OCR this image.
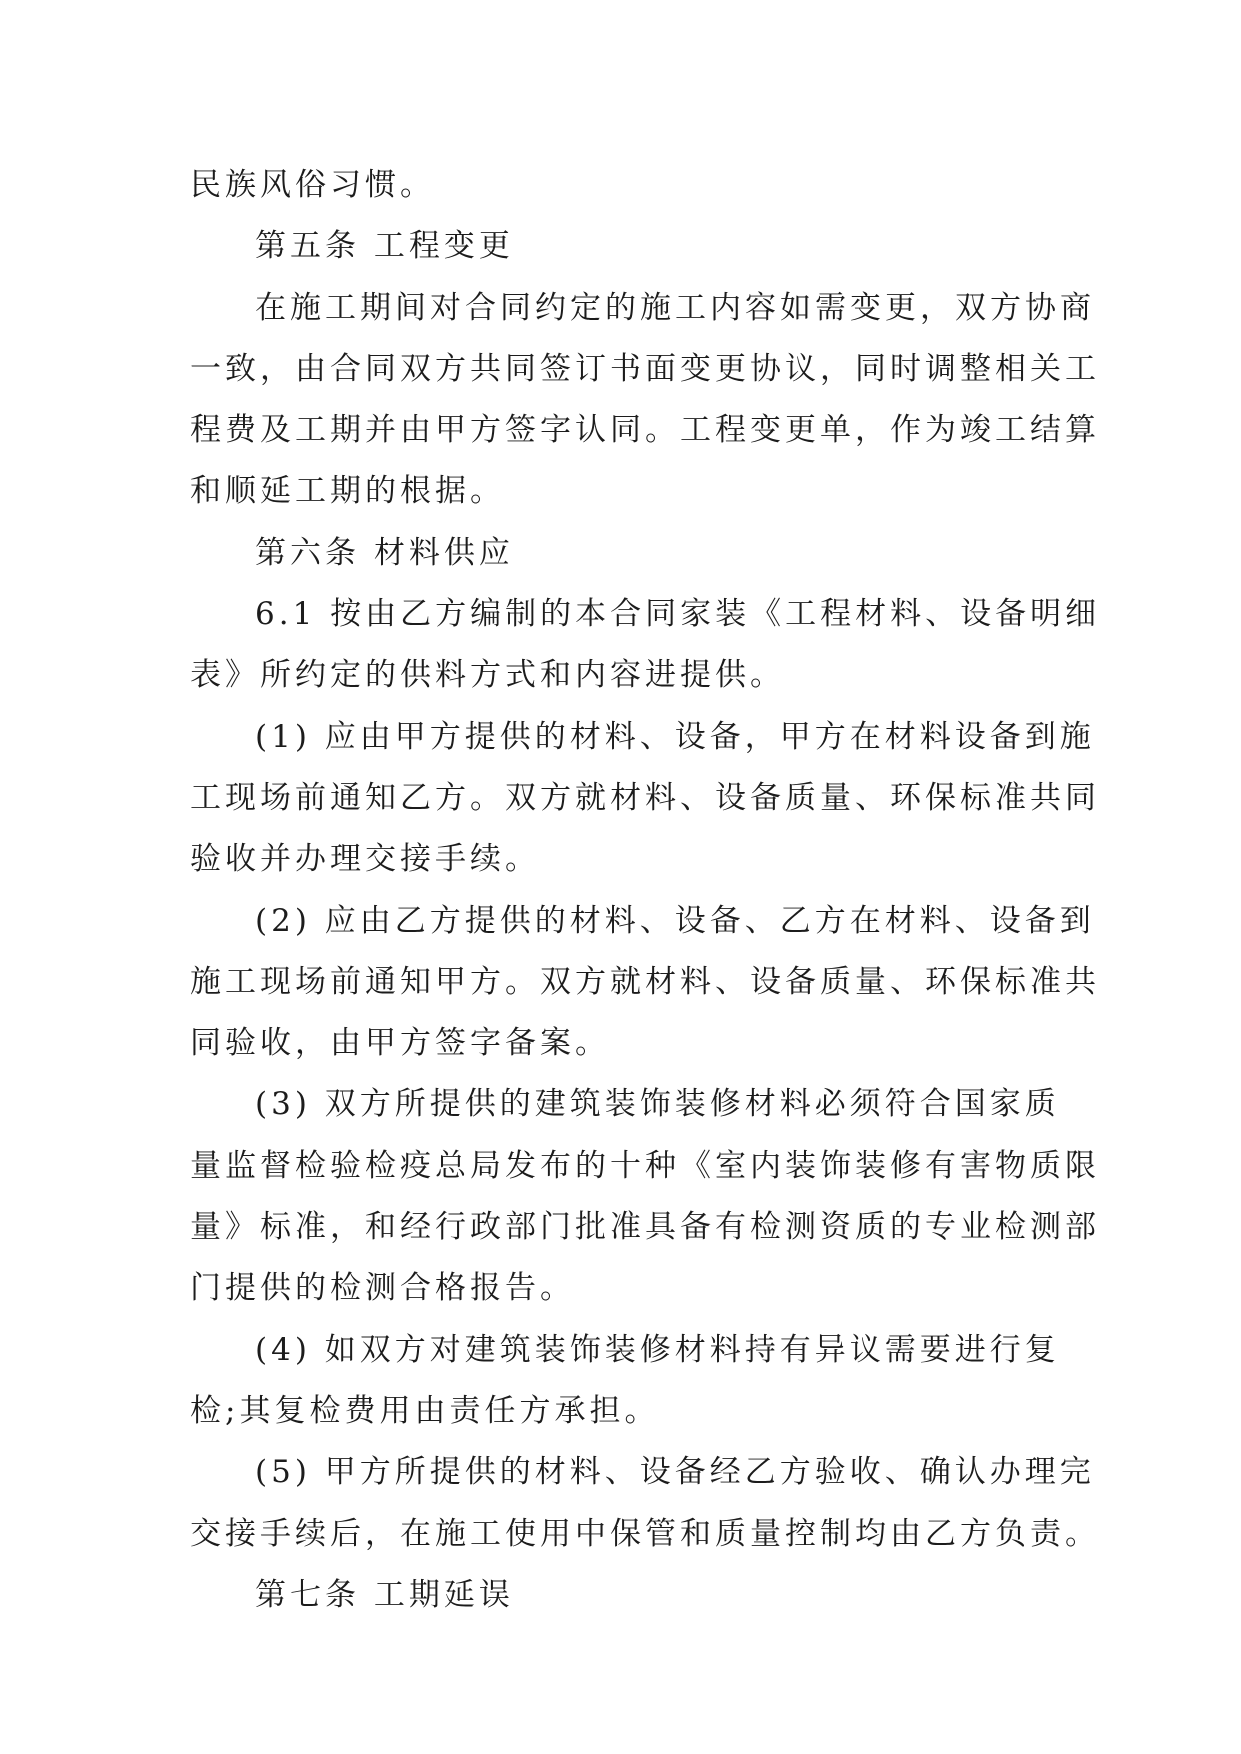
民族风俗习惯。
第五条 工程变更
在施工期间对合同约定的施工内容如需变更，双方协商
一致，由合同双方共同签订书面变更协议，同时调整相关工
程费及工期并由甲方签字认同。工程变更单，作为竣工结算
和顺延工期的根据。
第六条 材料供应
6.1 按由乙方编制的本合同家装《工程材料、设备明细
表》所约定的供料方式和内容进提供。
(1) 应由甲方提供的材料、设备，甲方在材料设备到施
工现场前通知乙方。双方就材料、设备质量、环保标准共同
验收并办理交接手续。
(2) 应由乙方提供的材料、设备、乙方在材料、设备到
施工现场前通知甲方。双方就材料、设备质量、环保标准共
同验收，由甲方签字备案。
(3) 双方所提供的建筑装饰装修材料必须符合国家质
量监督检验检疫总局发布的十种《室内装饰装修有害物质限
量》标准，和经行政部门批准具备有检测资质的专业检测部
门提供的检测合格报告。
(4) 如双方对建筑装饰装修材料持有异议需要进行复
检;其复检费用由责任方承担。
(5) 甲方所提供的材料、设备经乙方验收、确认办理完
交接手续后，在施工使用中保管和质量控制均由乙方负责。
第七条 工期延误
